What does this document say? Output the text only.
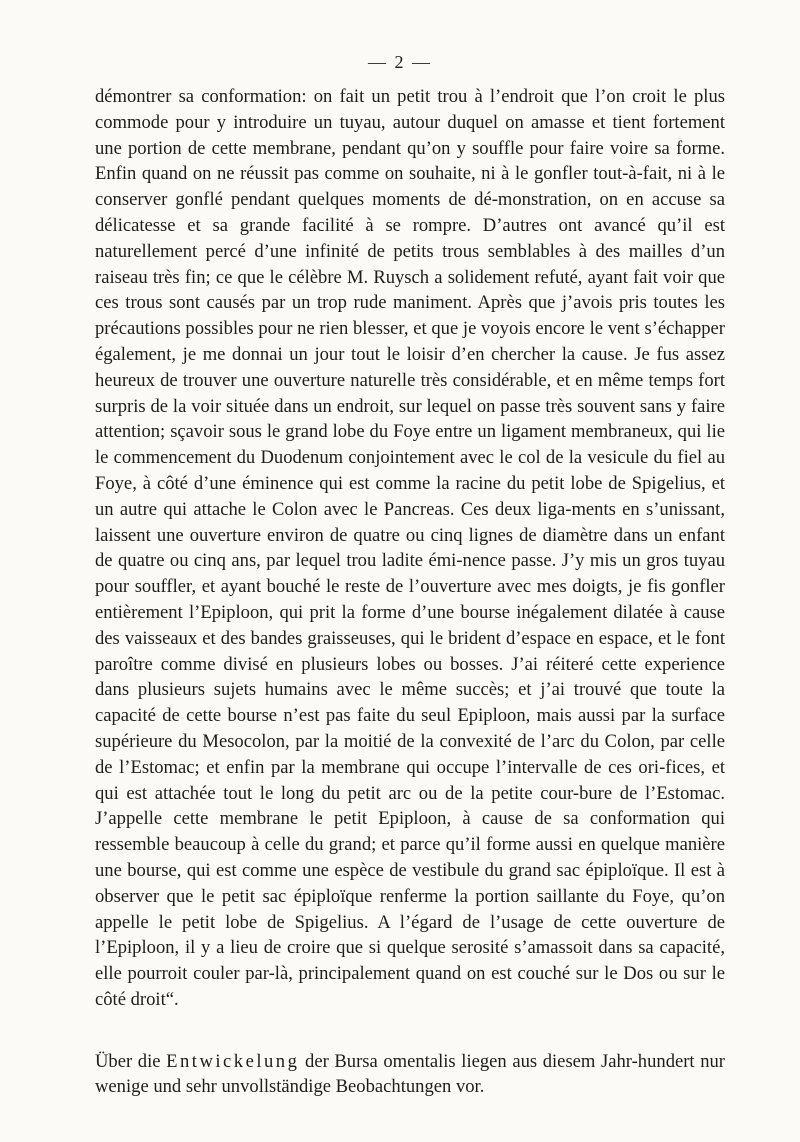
— 2 —

démontrer sa conformation: on fait un petit trou à l’endroit que l’on croit le plus commode pour y introduire un tuyau, autour duquel on amasse et tient fortement une portion de cette membrane, pendant qu’on y souffle pour faire voire sa forme. Enfin quand on ne réussit pas comme on souhaite, ni à le gonfler tout-à-fait, ni à le conserver gonflé pendant quelques moments de dé-monstration, on en accuse sa délicatesse et sa grande facilité à se rompre. D’autres ont avancé qu’il est naturellement percé d’une infinité de petits trous semblables à des mailles d’un raiseau très fin; ce que le célèbre M. Ruysch a solidement refuté, ayant fait voir que ces trous sont causés par un trop rude maniment. Après que j’avois pris toutes les précautions possibles pour ne rien blesser, et que je voyois encore le vent s’échapper également, je me donnai un jour tout le loisir d’en chercher la cause. Je fus assez heureux de trouver une ouverture naturelle très considérable, et en même temps fort surpris de la voir située dans un endroit, sur lequel on passe très souvent sans y faire attention; sçavoir sous le grand lobe du Foye entre un ligament membraneux, qui lie le commencement du Duodenum conjointement avec le col de la vesicule du fiel au Foye, à côté d’une éminence qui est comme la racine du petit lobe de Spigelius, et un autre qui attache le Colon avec le Pancreas. Ces deux liga-ments en s’unissant, laissent une ouverture environ de quatre ou cinq lignes de diamètre dans un enfant de quatre ou cinq ans, par lequel trou ladite émi-nence passe. J’y mis un gros tuyau pour souffler, et ayant bouché le reste de l’ouverture avec mes doigts, je fis gonfler entièrement l’Epiploon, qui prit la forme d’une bourse inégalement dilatée à cause des vaisseaux et des bandes graisseuses, qui le brident d’espace en espace, et le font paroître comme divisé en plusieurs lobes ou bosses. J’ai réiteré cette experience dans plusieurs sujets humains avec le même succès; et j’ai trouvé que toute la capacité de cette bourse n’est pas faite du seul Epiploon, mais aussi par la surface supérieure du Mesocolon, par la moitié de la convexité de l’arc du Colon, par celle de l’Estomac; et enfin par la membrane qui occupe l’intervalle de ces ori-fices, et qui est attachée tout le long du petit arc ou de la petite cour-bure de l’Estomac. J’appelle cette membrane le petit Epiploon, à cause de sa conformation qui ressemble beaucoup à celle du grand; et parce qu’il forme aussi en quelque manière une bourse, qui est comme une espèce de vestibule du grand sac épiploïque. Il est à observer que le petit sac épiploïque renferme la portion saillante du Foye, qu’on appelle le petit lobe de Spigelius. A l’égard de l’usage de cette ouverture de l’Epiploon, il y a lieu de croire que si quelque serosité s’amassoit dans sa capacité, elle pourroit couler par-là, principalement quand on est couché sur le Dos ou sur le côté droit“.

Über die Entwickelung der Bursa omentalis liegen aus diesem Jahr-hundert nur wenige und sehr unvollständige Beobachtungen vor.
